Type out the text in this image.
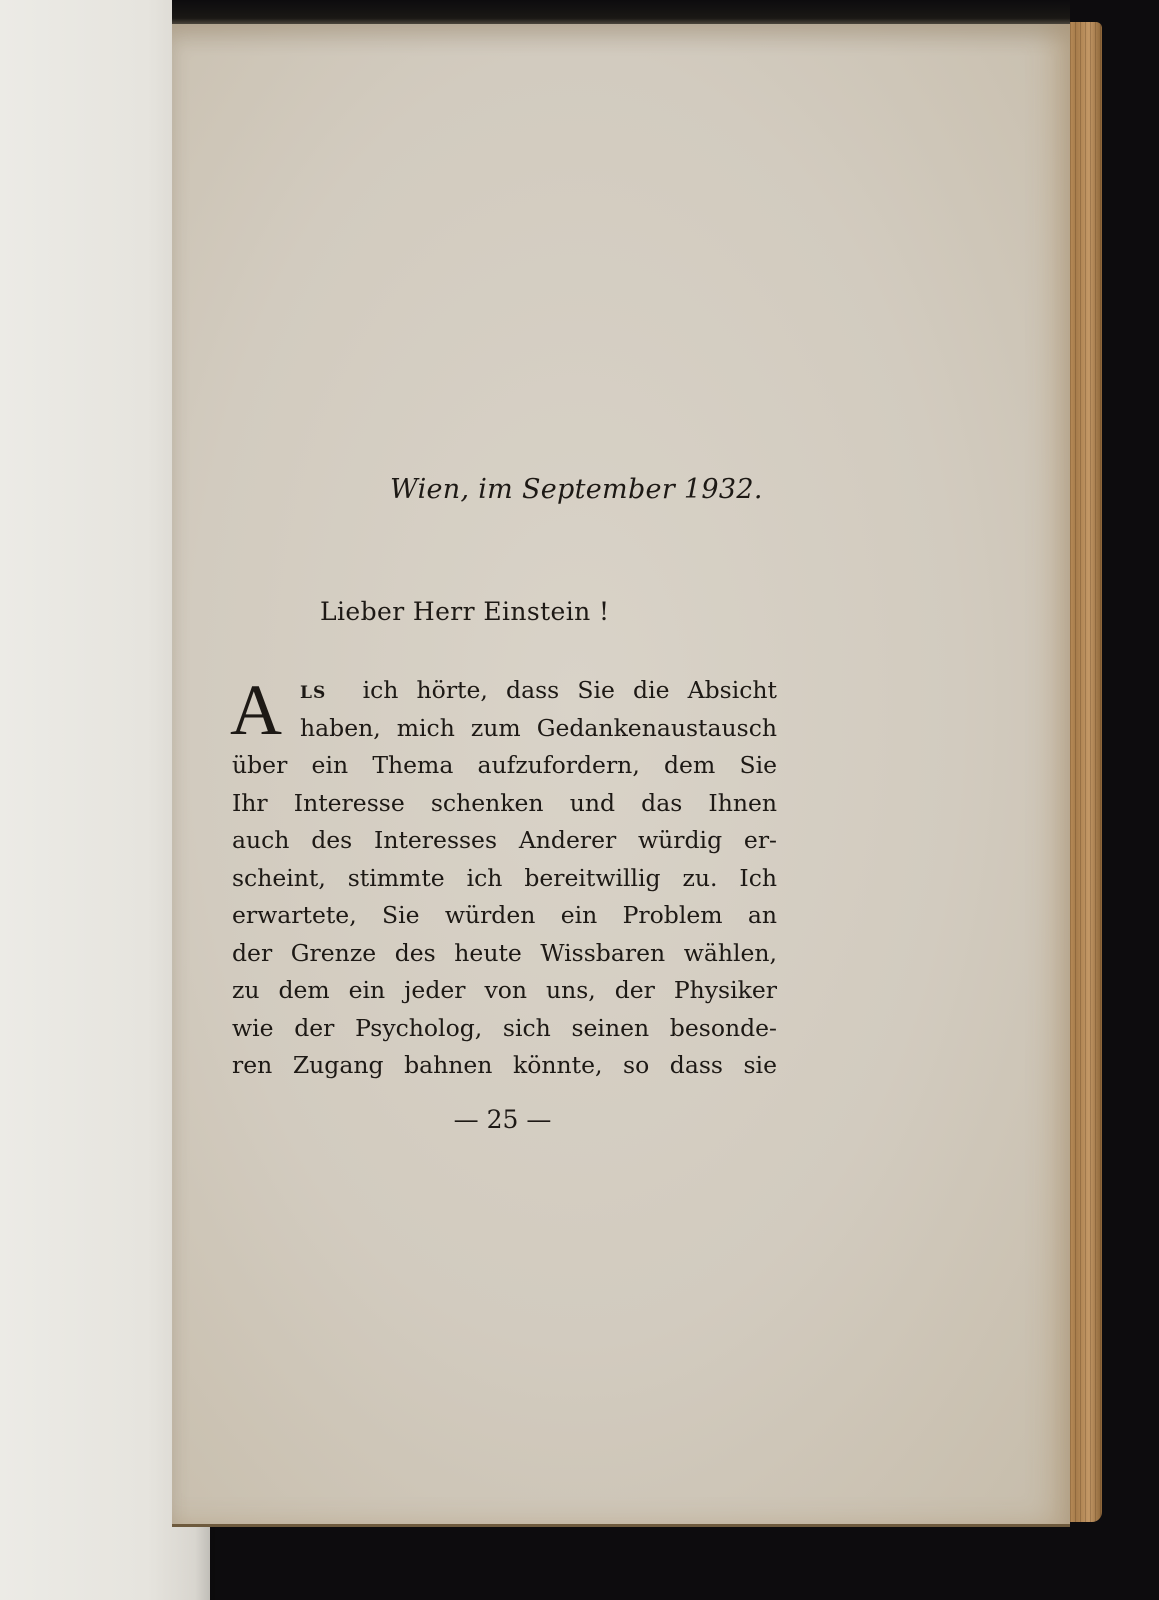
Wien, im September 1932.
Lieber Herr Einstein !
A	LS ich hörte, dass Sie die Absicht
haben, mich zum Gedankenaustausch
über ein Thema aufzufordern, dem Sie
Ihr Interesse schenken und das Ihnen
auch des Interesses Anderer würdig er-
scheint, stimmte ich bereitwillig zu. Ich
erwartete, Sie würden ein Problem an
der Grenze des heute Wissbaren wählen,
zu dem ein jeder von uns, der Physiker
wie der Psycholog, sich seinen besonde-
ren Zugang bahnen könnte, so dass sie
— 25 —
